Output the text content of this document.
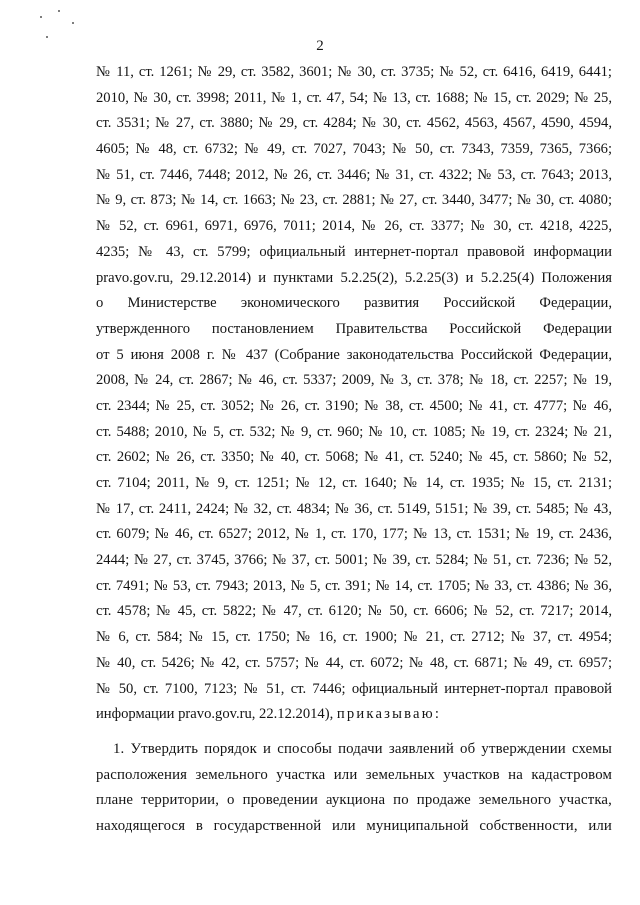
2
№ 11, ст. 1261; № 29, ст. 3582, 3601; № 30, ст. 3735; № 52, ст. 6416, 6419, 6441;
2010, № 30, ст. 3998; 2011, № 1, ст. 47, 54; № 13, ст. 1688; № 15, ст. 2029; № 25,
ст. 3531; № 27, ст. 3880; № 29, ст. 4284; № 30, ст. 4562, 4563, 4567, 4590, 4594,
4605; № 48, ст. 6732; № 49, ст. 7027, 7043; № 50, ст. 7343, 7359, 7365, 7366;
№ 51, ст. 7446, 7448; 2012, № 26, ст. 3446; № 31, ст. 4322; № 53, ст. 7643; 2013,
№ 9, ст. 873; № 14, ст. 1663; № 23, ст. 2881; № 27, ст. 3440, 3477; № 30, ст. 4080;
№ 52, ст. 6961, 6971, 6976, 7011; 2014, № 26, ст. 3377; № 30, ст. 4218, 4225,
4235; № 43, ст. 5799; официальный интернет-портал правовой информации
pravo.gov.ru, 29.12.2014) и пунктами 5.2.25(2), 5.2.25(3) и 5.2.25(4) Положения
о Министерстве экономического развития Российской Федерации,
утвержденного постановлением Правительства Российской Федерации
от 5 июня 2008 г. № 437 (Собрание законодательства Российской Федерации,
2008, № 24, ст. 2867; № 46, ст. 5337; 2009, № 3, ст. 378; № 18, ст. 2257; № 19,
ст. 2344; № 25, ст. 3052; № 26, ст. 3190; № 38, ст. 4500; № 41, ст. 4777; № 46,
ст. 5488; 2010, № 5, ст. 532; № 9, ст. 960; № 10, ст. 1085; № 19, ст. 2324; № 21,
ст. 2602; № 26, ст. 3350; № 40, ст. 5068; № 41, ст. 5240; № 45, ст. 5860; № 52,
ст. 7104; 2011, № 9, ст. 1251; № 12, ст. 1640; № 14, ст. 1935; № 15, ст. 2131;
№ 17, ст. 2411, 2424; № 32, ст. 4834; № 36, ст. 5149, 5151; № 39, ст. 5485; № 43,
ст. 6079; № 46, ст. 6527; 2012, № 1, ст. 170, 177; № 13, ст. 1531; № 19, ст. 2436,
2444; № 27, ст. 3745, 3766; № 37, ст. 5001; № 39, ст. 5284; № 51, ст. 7236; № 52,
ст. 7491; № 53, ст. 7943; 2013, № 5, ст. 391; № 14, ст. 1705; № 33, ст. 4386; № 36,
ст. 4578; № 45, ст. 5822; № 47, ст. 6120; № 50, ст. 6606; № 52, ст. 7217; 2014,
№ 6, ст. 584; № 15, ст. 1750; № 16, ст. 1900; № 21, ст. 2712; № 37, ст. 4954;
№ 40, ст. 5426; № 42, ст. 5757; № 44, ст. 6072; № 48, ст. 6871; № 49, ст. 6957;
№ 50, ст. 7100, 7123; № 51, ст. 7446; официальный интернет-портал правовой
информации pravo.gov.ru, 22.12.2014), приказываю:
1. Утвердить порядок и способы подачи заявлений об утверждении схемы
расположения земельного участка или земельных участков на кадастровом
плане территории, о проведении аукциона по продаже земельного участка,
находящегося в государственной или муниципальной собственности, или
